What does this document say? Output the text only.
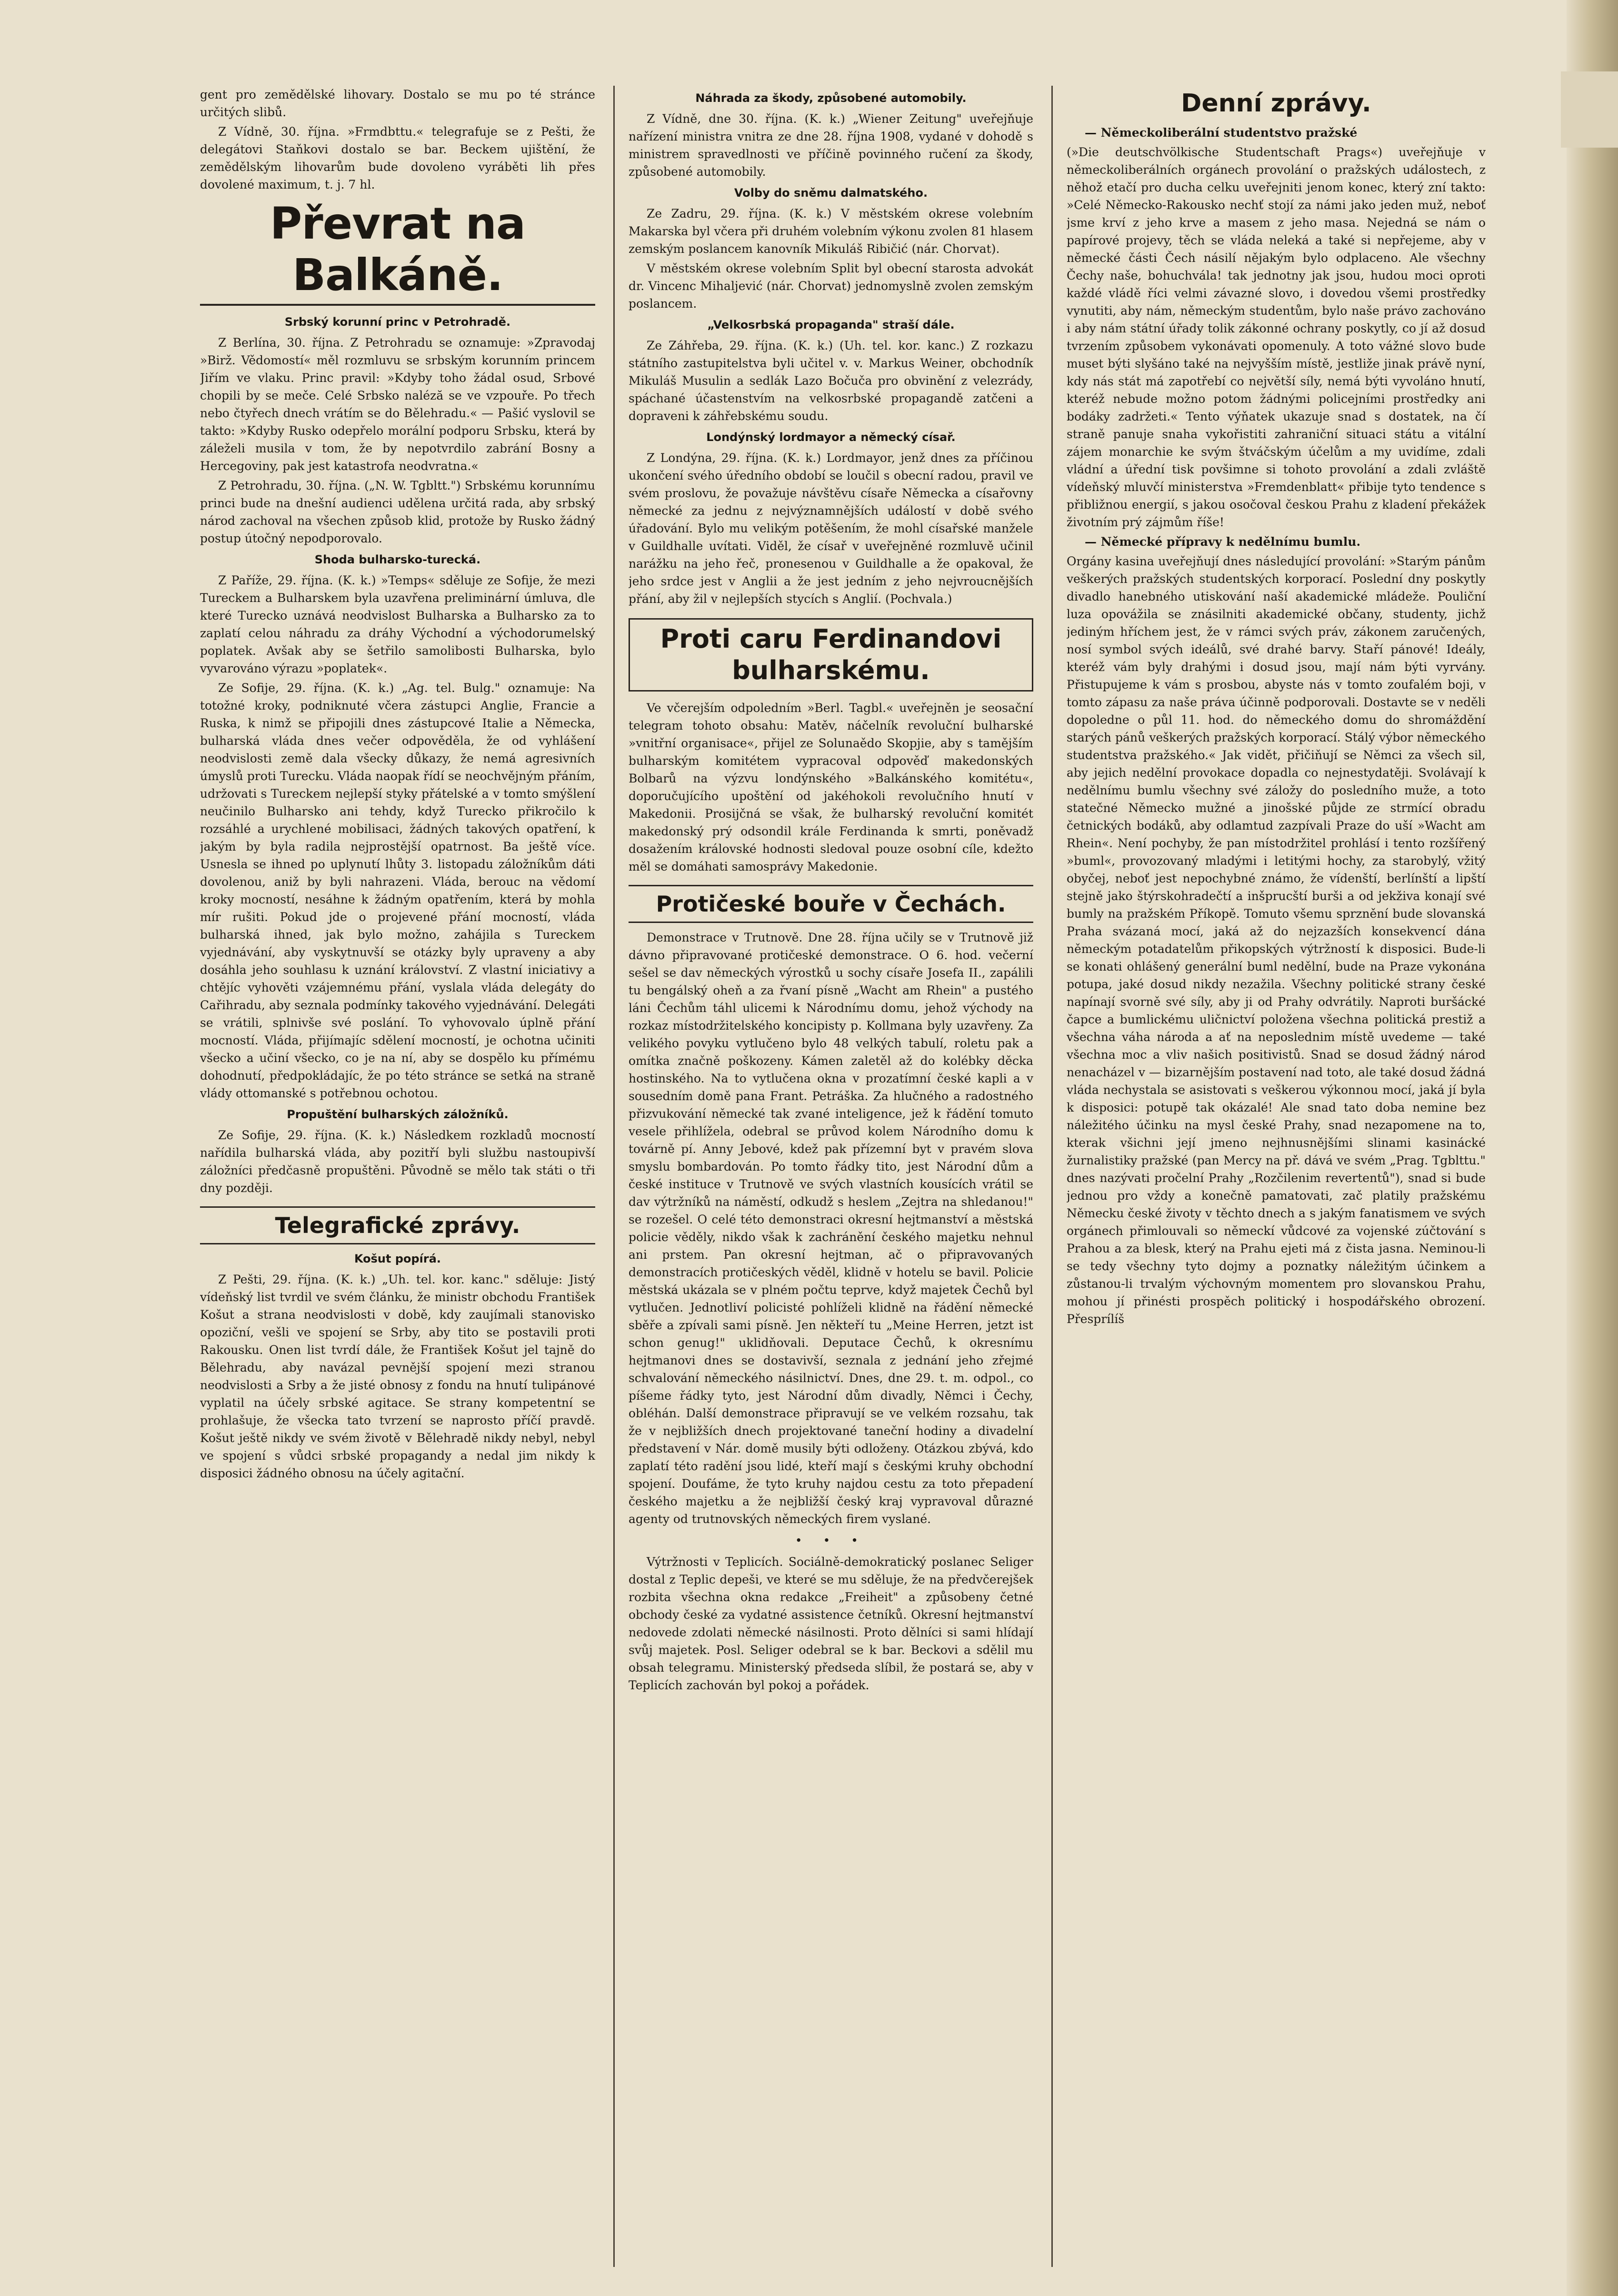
gent pro zemědělské lihovary. Dostalo se mu po té stránce určitých slibů.

Z Vídně, 30. října. »Frmdbttu.« telegrafuje se z Pešti, že delegátovi Staňkovi dostalo se bar. Beckem ujištění, že zemědělským lihovarům bude dovoleno vyráběti lih přes dovolené maximum, t. j. 7 hl.

Převrat na Balkáně.
Srbský korunní princ v Petrohradě.

Z Berlína, 30. října. Z Petrohradu se oznamuje: »Zpravodaj »Birž. Vědomostí« měl rozmluvu se srbským korunním princem Jiřím ve vlaku. Princ pravil: »Kdyby toho žádal osud, Srbové chopili by se meče. Celé Srbsko naléză se ve vzpouře. Po třech nebo čtyřech dnech vrátím se do Bělehradu.« — Pašić vyslovil se takto: »Kdyby Rusko odepřelo morální podporu Srbsku, která by záleželi musila v tom, že by nepotvrdilo zabrání Bosny a Hercegoviny, pak jest katastrofa neodvratna.«

Z Petrohradu, 30. října. („N. W. Tgbltt.") Srbskému korunnímu princi bude na dnešní audienci udělena určitá rada, aby srbský národ zachoval na všechen způsob klid, protože by Rusko žádný postup útočný nepodporovalo.

Shoda bulharsko-turecká.

Z Paříže, 29. října. (K. k.) »Temps« sděluje ze Sofije, že mezi Tureckem a Bulharskem byla uzavřena preliminární úmluva, dle které Turecko uznává neodvislost Bulharska a Bulharsko za to zaplatí celou náhradu za dráhy Východní a východorumelský poplatek. Avšak aby se šetřilo samolibosti Bulharska, bylo vyvarováno výrazu »poplatek«.

Ze Sofije, 29. října. (K. k.) „Ag. tel. Bulg." oznamuje: Na totožné kroky, podniknuté včera zástupci Anglie, Francie a Ruska, k nimž se připojili dnes zástupcové Italie a Německa, bulharská vláda dnes večer odpověděla, že od vyhlášení neodvislosti země dala všecky důkazy, že nemá agresivních úmyslů proti Turecku. Vláda naopak řídí se neochvějným přáním, udržovati s Tureckem nejlepší styky přátelské a v tomto smýšlení neučinilo Bulharsko ani tehdy, když Turecko přikročilo k rozsáhlé a urychlené mobilisaci, žádných takových opatření, k jakým by byla radila nejprostější opatrnost. Ba ještě více. Usnesla se ihned po uplynutí lhůty 3. listopadu záložníkům dáti dovolenou, aniž by byli nahrazeni. Vláda, berouc na vědomí kroky mocností, nesáhne k žádným opatřením, která by mohla mír rušiti. Pokud jde o projevené přání mocností, vláda bulharská ihned, jak bylo možno, zahájila s Tureckem vyjednávání, aby vyskytnuvší se otázky byly upraveny a aby dosáhla jeho souhlasu k uznání království. Z vlastní iniciativy a chtějíc vyhověti vzájemnému přání, vyslala vláda delegáty do Cařihradu, aby seznala podmínky takového vyjednávání. Delegáti se vrátili, splnivše své poslání. To vyhovovalo úplně přání mocností. Vláda, přijímajíc sdělení mocností, je ochotna učiniti všecko a učiní všecko, co je na ní, aby se dospělo ku přímému dohodnutí, předpokládajíc, že po této stránce se setká na straně vlády ottomanské s potřebnou ochotou.

Propuštění bulharských záložníků.

Ze Sofije, 29. října. (K. k.) Následkem rozkladů mocností nařídila bulharská vláda, aby pozitří byli službu nastoupivší záložníci předčasně propuštěni. Původně se mělo tak státi o tři dny později.

Telegrafické zprávy.
Košut popírá.

Z Pešti, 29. října. (K. k.) „Uh. tel. kor. kanc." sděluje: Jistý vídeňský list tvrdil ve svém článku, že ministr obchodu František Košut a strana neodvislosti v době, kdy zaujímali stanovisko opoziční, vešli ve spojení se Srby, aby tito se postavili proti Rakousku. Onen list tvrdí dále, že František Košut jel tajně do Bělehradu, aby navázal pevnější spojení mezi stranou neodvislosti a Srby a že jisté obnosy z fondu na hnutí tulipánové vyplatil na účely srbské agitace. Se strany kompetentní se prohlašuje, že všecka tato tvrzení se naprosto příčí pravdě. Košut ještě nikdy ve svém životě v Bělehradě nikdy nebyl, nebyl ve spojení s vůdci srbské propagandy a nedal jim nikdy k disposici žádného obnosu na účely agitační.

Náhrada za škody, způsobené automobily.

Z Vídně, dne 30. října. (K. k.) „Wiener Zeitung" uveřejňuje nařízení ministra vnitra ze dne 28. října 1908, vydané v dohodě s ministrem spravedlnosti ve příčině povinného ručení za škody, způsobené automobily.

Volby do sněmu dalmatského.

Ze Zadru, 29. října. (K. k.) V městském okrese volebním Makarska byl včera při druhém volebním výkonu zvolen 81 hlasem zemským poslancem kanovník Mikuláš Ribičić (nár. Chorvat).

V městském okrese volebním Split byl obecní starosta advokát dr. Vincenc Mihaljević (nár. Chorvat) jednomyslně zvolen zemským poslancem.

„Velkosrbská propaganda" straší dále.

Ze Záhřeba, 29. října. (K. k.) (Uh. tel. kor. kanc.) Z rozkazu státního zastupitelstva byli učitel v. v. Markus Weiner, obchodník Mikuláš Musulin a sedlák Lazo Bočuča pro obvinění z velezrády, spáchané účastenstvím na velkosrbské propagandě zatčeni a dopraveni k záhřebskému soudu.

Londýnský lordmayor a německý císař.

Z Londýna, 29. října. (K. k.) Lordmayor, jenž dnes za příčinou ukončení svého úředního období se loučil s obecní radou, pravil ve svém proslovu, že považuje návštěvu císaře Německa a císařovny německé za jednu z nejvýznamnějších událostí v době svého úřadování. Bylo mu velikým potěšením, že mohl císařské manžele v Guildhalle uvítati. Viděl, že císař v uveřejněné rozmluvě učinil narážku na jeho řeč, pronesenou v Guildhalle a že opakoval, že jeho srdce jest v Anglii a že jest jedním z jeho nejvroucnějších přání, aby žil v nejlepších stycích s Anglií. (Pochvala.)

Proti caru Ferdinandovi bulharskému.

Ve včerejším odpoledním »Berl. Tagbl.« uveřejněn je seosační telegram tohoto obsahu: Matěv, náčelník revoluční bulharské »vnitřní organisace«, přijel ze Solunaědo Skopjie, aby s tamějším bulharským komitétem vypracoval odpověď makedonských Bolbarů na výzvu londýnského »Balkánského komitétu«, doporučujícího upoštění od jakéhokoli revolučního hnutí v Makedonii. Prosijčná se však, že bulharský revoluční komitét makedonský prý odsondil krále Ferdinanda k smrti, poněvadž dosažením královské hodnosti sledoval pouze osobní cíle, kdežto měl se domáhati samosprávy Makedonie.

Protičeské bouře v Čechách.

Demonstrace v Trutnově. Dne 28. října učily se v Trutnově již dávno připravované protičeské demonstrace. O 6. hod. večerní sešel se dav německých výrostků u sochy císaře Josefa II., zapálili tu bengálský oheň a za řvaní písně „Wacht am Rhein" a pustého láni Čechům táhl ulicemi k Národnímu domu, jehož východy na rozkaz místodržitelského koncipisty p. Kollmana byly uzavřeny. Za velikého povyku vytlučeno bylo 48 velkých tabulí, roletu pak a omítka značně poškozeny. Kámen zaletěl až do kolébky děcka hostinského. Na to vytlučena okna v prozatímní české kapli a v sousedním domě pana Frant. Petráška. Za hlučného a radostného přizvukování německé tak zvané inteligence, jež k řádění tomuto vesele přihlížela, odebral se průvod kolem Národního domu k továrně pí. Anny Jebové, kdež pak přízemní byt v pravém slova smyslu bombardován. Po tomto řádky tito, jest Národní dům a české instituce v Trutnově ve svých vlastních kousících vrátil se dav výtržníků na náměstí, odkudž s heslem „Zejtra na shledanou!" se rozešel. O celé této demonstraci okresní hejtmanství a městská policie věděly, nikdo však k zachránění českého majetku nehnul ani prstem. Pan okresní hejtman, ač o připravovaných demonstracích protičeských věděl, klidně v hotelu se bavil. Policie městská ukázala se v plném počtu teprve, když majetek Čechů byl vytlučen. Jednotliví policisté pohlíželi klidně na řádění německé sběře a zpívali sami písně. Jen někteří tu „Meine Herren, jetzt ist schon genug!" uklidňovali. Deputace Čechů, k okresnímu hejtmanovi dnes se dostavivší, seznala z jednání jeho zřejmé schvalování německého násilnictví. Dnes, dne 29. t. m. odpol., co píšeme řádky tyto, jest Národní dům divadly, Němci i Čechy, obléhán. Další demonstrace připravují se ve velkém rozsahu, tak že v nejbližších dnech projektované taneční hodiny a divadelní představení v Nár. domě musily býti odloženy. Otázkou zbývá, kdo zaplatí této radění jsou lidé, kteří mají s českými kruhy obchodní spojení. Doufáme, že tyto kruhy najdou cestu za toto přepadení českého majetku a že nejbližší český kraj vypravoval důrazné agenty od trutnovských německých firem vyslané.

• • •

Výtržnosti v Teplicích. Sociálně-demokratický poslanec Seliger dostal z Teplic depeši, ve které se mu sděluje, že na předvčerejšek rozbita všechna okna redakce „Freiheit" a způsobeny četné obchody české za vydatné assistence četníků. Okresní hejtmanství nedovede zdolati německé násilnosti. Proto dělníci si sami hlídají svůj majetek. Posl. Seliger odebral se k bar. Beckovi a sdělil mu obsah telegramu. Ministerský předseda slíbil, že postará se, aby v Teplicích zachován byl pokoj a pořádek.

Denní zprávy.

— Německoliberální studentstvo pražské

(»Die deutschvölkische Studentschaft Prags«) uveřejňuje v německoliberálních orgánech provolání o pražských událostech, z něhož etačí pro ducha celku uveřejniti jenom konec, který zní takto: »Celé Německo-Rakousko nechť stojí za námi jako jeden muž, neboť jsme krví z jeho krve a masem z jeho masa. Nejedná se nám o papírové projevy, těch se vláda neleká a také si nepřejeme, aby v německé části Čech násilí nějakým bylo odplaceno. Ale všechny Čechy naše, bohuchvála! tak jednotny jak jsou, hudou moci oproti každé vládě říci velmi závazné slovo, i dovedou všemi prostředky vynutiti, aby nám, německým studentům, bylo naše právo zachováno i aby nám státní úřady tolik zákonné ochrany poskytly, co jí až dosud tvrzením způsobem vykonávati opomenuly. A toto vážné slovo bude muset býti slyšáno také na nejvyšším místě, jestliže jinak právě nyní, kdy nás stát má zapotřebí co největší síly, nemá býti vyvoláno hnutí, kteréž nebude možno potom žádnými policejními prostředky ani bodáky zadržeti.« Tento výňatek ukazuje snad s dostatek, na čí straně panuje snaha vykořistiti zahraniční situaci státu a vitální zájem monarchie ke svým štváčským účelům a my uvidíme, zdali vládní a úřední tisk povšimne si tohoto provolání a zdali zvláště vídeňský mluvčí ministerstva »Fremdenblatt« přibije tyto tendence s přibližnou energií, s jakou osočoval českou Prahu z kladení překážek životním prý zájmům říše!

— Německé přípravy k nedělnímu bumlu.

Orgány kasina uveřejňují dnes následující provolání: »Starým pánům veškerých pražských studentských korporací. Poslední dny poskytly divadlo hanebného utiskování naší akademické mládeže. Pouliční luza opovážila se znásilniti akademické občany, studenty, jichž jediným hříchem jest, že v rámci svých práv, zákonem zaručených, nosí symbol svých ideálů, své drahé barvy. Staří pánové! Ideály, kteréž vám byly drahými i dosud jsou, mají nám býti vyrvány. Přistupujeme k vám s prosbou, abyste nás v tomto zoufalém boji, v tomto zápasu za naše práva účinně podporovali. Dostavte se v neděli dopoledne o půl 11. hod. do německého domu do shromáždění starých pánů veškerých pražských korporací. Stálý výbor německého studentstva pražského.« Jak vidět, přičiňují se Němci za všech sil, aby jejich nedělní provokace dopadla co nejnestydatěji. Svolávají k nedělnímu bumlu všechny své záložy do posledního muže, a toto statečné Německo mužné a jinošské půjde ze strmící obradu četnických bodáků, aby odlamtud zazpívali Praze do uší »Wacht am Rhein«. Není pochyby, že pan místodržitel prohlásí i tento rozšířený »buml«, provozovaný mladými i letitými hochy, za starobylý, vžitý obyčej, neboť jest nepochybné známo, že vídenští, berlínští a lipští stejně jako štýrskohradečtí a inšprucští burši a od jekživa konají své bumly na pražském Příkopě. Tomuto všemu sprznění bude slovanská Praha svázaná mocí, jaká až do nejzazších konsekvencí dána německým potadatelům přikopských výtržností k disposici. Bude-li se konati ohlášený generální buml nedělní, bude na Praze vykonána potupa, jaké dosud nikdy nezažila. Všechny politické strany české napínají svorně své síly, aby ji od Prahy odvrátily. Naproti buršácké čapce a bumlickému uličnictví položena všechna politická prestiž a všechna váha národa a ať na neposlednim místě uvedeme — také všechna moc a vliv našich positivistů. Snad se dosud žádný národ nenacházel v — bizarnějším postavení nad toto, ale také dosud žádná vláda nechystala se asistovati s veškerou výkonnou mocí, jaká jí byla k disposici: potupě tak okázalé! Ale snad tato doba nemine bez náležitého účinku na mysl české Prahy, snad nezapomene na to, kterak všichni její jmeno nejhnusnějšími slinami kasinácké žurnalistiky pražské (pan Mercy na př. dává ve svém „Prag. Tgblttu." dnes nazývati pročelní Prahy „Rozčilenim revertentů"), snad si bude jednou pro vždy a konečně pamatovati, zač platily pražskému Německu české životy v těchto dnech a s jakým fanatismem ve svých orgánech přimlouvali so německí vůdcové za vojenské zúčtování s Prahou a za blesk, který na Prahu ejeti má z čista jasna. Neminou-li se tedy všechny tyto dojmy a poznatky náležitým účinkem a zůstanou-li trvalým výchovným momentem pro slovanskou Prahu, mohou jí přinésti prospěch politický i hospodářského obrození. Přesprílíš
